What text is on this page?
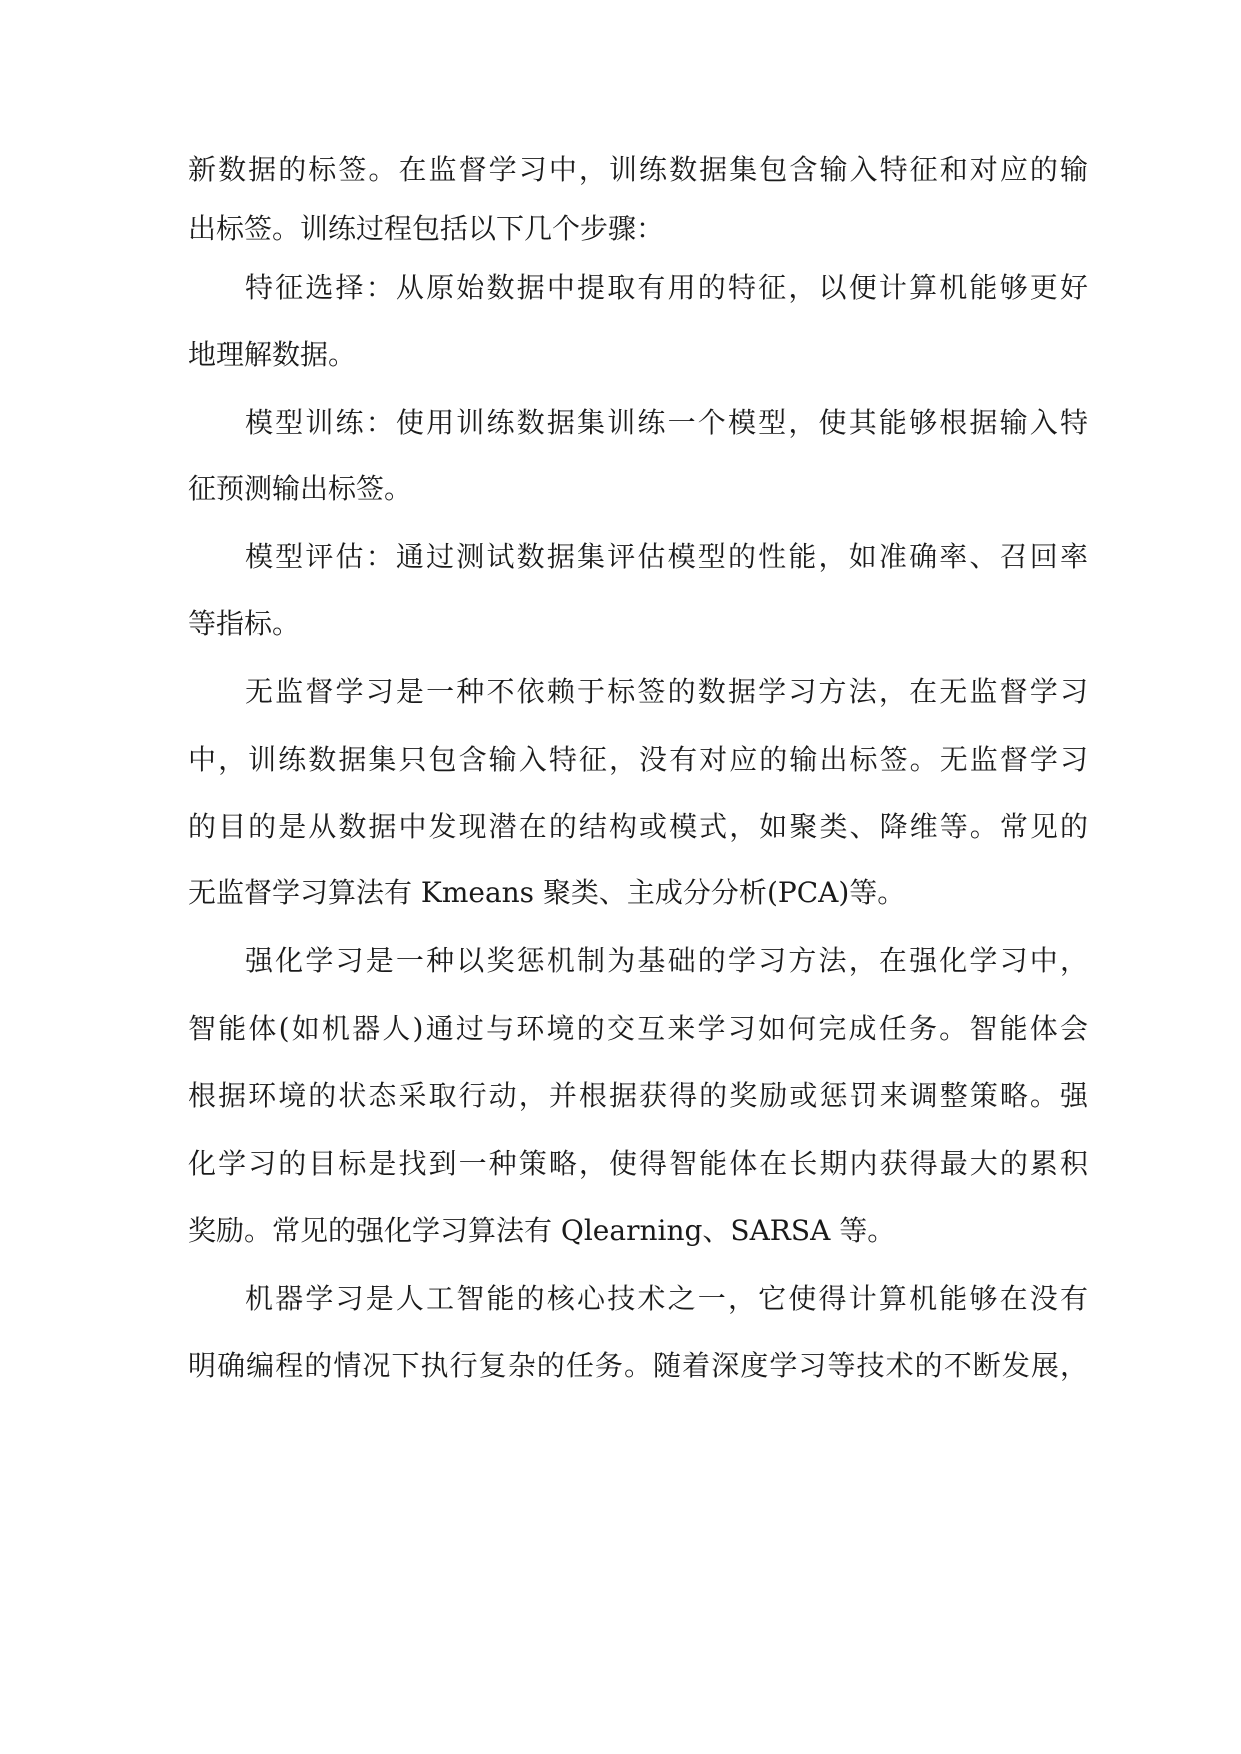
新数据的标签。在监督学习中，训练数据集包含输入特征和对应的输
出标签。训练过程包括以下几个步骤：
特征选择：从原始数据中提取有用的特征，以便计算机能够更好
地理解数据。
模型训练：使用训练数据集训练一个模型，使其能够根据输入特
征预测输出标签。
模型评估：通过测试数据集评估模型的性能，如准确率、召回率
等指标。
无监督学习是一种不依赖于标签的数据学习方法，在无监督学习
中，训练数据集只包含输入特征，没有对应的输出标签。无监督学习
的目的是从数据中发现潜在的结构或模式，如聚类、降维等。常见的
无监督学习算法有 Kmeans 聚类、主成分分析(PCA)等。
强化学习是一种以奖惩机制为基础的学习方法，在强化学习中，
智能体(如机器人)通过与环境的交互来学习如何完成任务。智能体会
根据环境的状态采取行动，并根据获得的奖励或惩罚来调整策略。强
化学习的目标是找到一种策略，使得智能体在长期内获得最大的累积
奖励。常见的强化学习算法有 Qlearning、SARSA 等。
机器学习是人工智能的核心技术之一，它使得计算机能够在没有
明确编程的情况下执行复杂的任务。随着深度学习等技术的不断发展，
